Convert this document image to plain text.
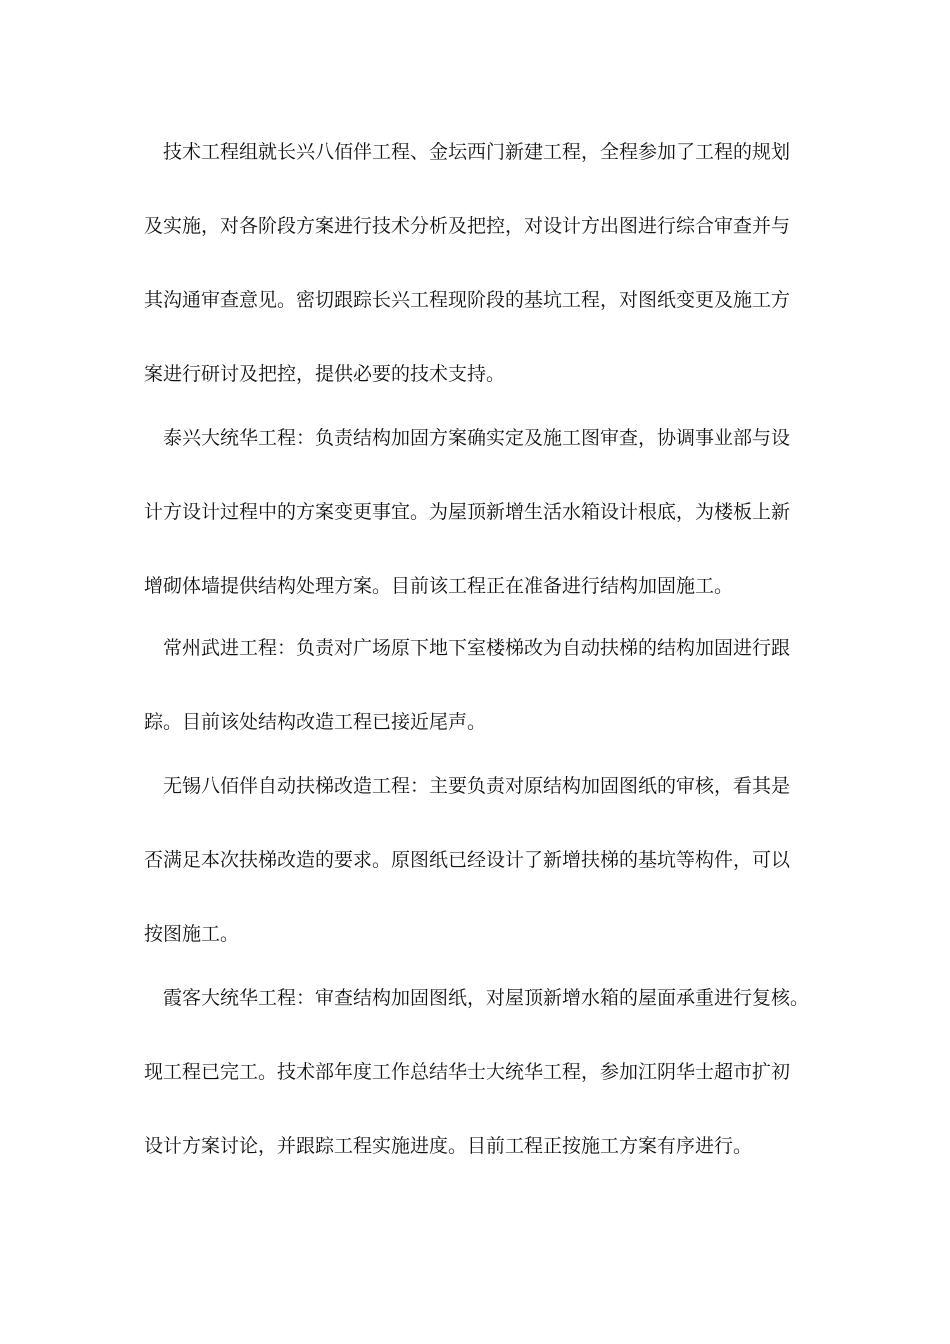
技术工程组就长兴八佰伴工程、金坛西门新建工程，全程参加了工程的规划

及实施，对各阶段方案进行技术分析及把控，对设计方出图进行综合审查并与

其沟通审查意见。密切跟踪长兴工程现阶段的基坑工程，对图纸变更及施工方

案进行研讨及把控，提供必要的技术支持。

泰兴大统华工程：负责结构加固方案确实定及施工图审查，协调事业部与设

计方设计过程中的方案变更事宜。为屋顶新增生活水箱设计根底，为楼板上新

增砌体墙提供结构处理方案。目前该工程正在准备进行结构加固施工。

常州武进工程：负责对广场原下地下室楼梯改为自动扶梯的结构加固进行跟

踪。目前该处结构改造工程已接近尾声。

无锡八佰伴自动扶梯改造工程：主要负责对原结构加固图纸的审核，看其是

否满足本次扶梯改造的要求。原图纸已经设计了新增扶梯的基坑等构件，可以

按图施工。

霞客大统华工程：审查结构加固图纸，对屋顶新增水箱的屋面承重进行复核。

现工程已完工。技术部年度工作总结华士大统华工程，参加江阴华士超市扩初

设计方案讨论，并跟踪工程实施进度。目前工程正按施工方案有序进行。
